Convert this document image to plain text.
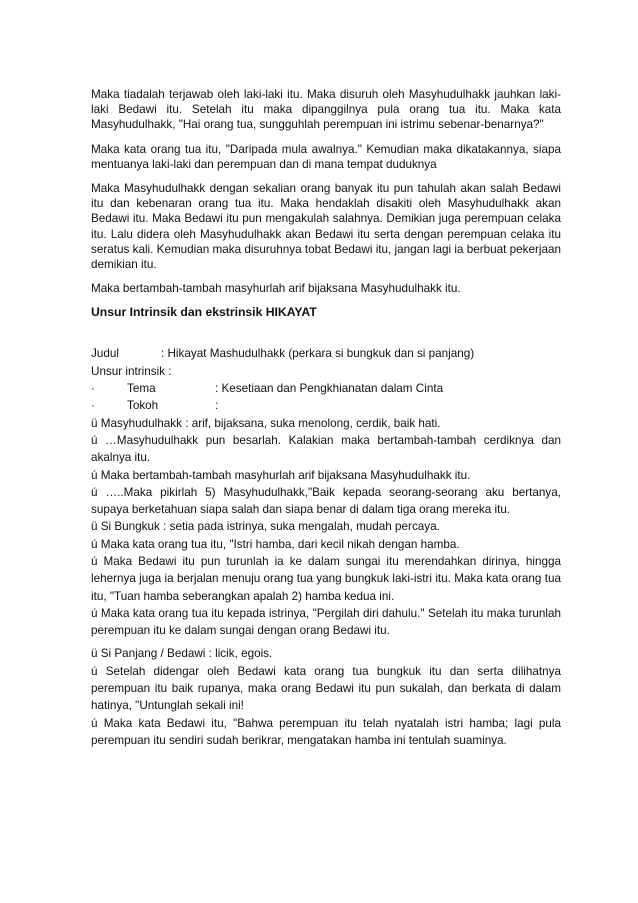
Maka tiadalah terjawab oleh laki-laki itu. Maka disuruh oleh Masyhudulhakk jauhkan laki-laki Bedawi itu. Setelah itu maka dipanggilnya pula orang tua itu. Maka kata Masyhudulhakk, "Hai orang tua, sungguhlah perempuan ini istrimu sebenar-benarnya?"

Maka kata orang tua itu, "Daripada mula awalnya." Kemudian maka dikatakannya, siapa mentuanya laki-laki dan perempuan dan di mana tempat duduknya

Maka Masyhudulhakk dengan sekalian orang banyak itu pun tahulah akan salah Bedawi itu dan kebenaran orang tua itu. Maka hendaklah disakiti oleh Masyhudulhakk akan Bedawi itu. Maka Bedawi itu pun mengakulah salahnya. Demikian juga perempuan celaka itu. Lalu didera oleh Masyhudulhakk akan Bedawi itu serta dengan perempuan celaka itu seratus kali. Kemudian maka disuruhnya tobat Bedawi itu, jangan lagi ia berbuat pekerjaan demikian itu.

Maka bertambah-tambah masyhurlah arif bijaksana Masyhudulhakk itu.

Unsur Intrinsik dan ekstrinsik HIKAYAT

Judul	: Hikayat Mashudulhakk (perkara si bungkuk dan si panjang)

Unsur intrinsik :

·	Tema	: Kesetiaan dan Pengkhianatan dalam Cinta

·	Tokoh	:

ü Masyhudulhakk : arif, bijaksana, suka menolong, cerdik, baik hati.

ú …Masyhudulhakk pun besarlah. Kalakian maka bertambah-tambah cerdiknya dan akalnya itu.

ú Maka bertambah-tambah masyhurlah arif bijaksana Masyhudulhakk itu.

ú …..Maka pikirlah 5) Masyhudulhakk,"Baik kepada seorang-seorang aku bertanya, supaya berketahuan siapa salah dan siapa benar di dalam tiga orang mereka itu.

ü Si Bungkuk : setia pada istrinya, suka mengalah, mudah percaya.

ú Maka kata orang tua itu, "Istri hamba, dari kecil nikah dengan hamba.

ú Maka Bedawi itu pun turunlah ia ke dalam sungai itu merendahkan dirinya, hingga lehernya juga ia berjalan menuju orang tua yang bungkuk laki-istri itu. Maka kata orang tua itu, "Tuan hamba seberangkan apalah 2) hamba kedua ini.

ú Maka kata orang tua itu kepada istrinya, "Pergilah diri dahulu." Setelah itu maka turunlah perempuan itu ke dalam sungai dengan orang Bedawi itu.

ü Si Panjang / Bedawi : licik, egois.

ú Setelah didengar oleh Bedawi kata orang tua bungkuk itu dan serta dilihatnya perempuan itu baik rupanya, maka orang Bedawi itu pun sukalah, dan berkata di dalam hatinya, "Untunglah sekali ini!

ú Maka kata Bedawi itu, "Bahwa perempuan itu telah nyatalah istri hamba; lagi pula perempuan itu sendiri sudah berikrar, mengatakan hamba ini tentulah suaminya.
